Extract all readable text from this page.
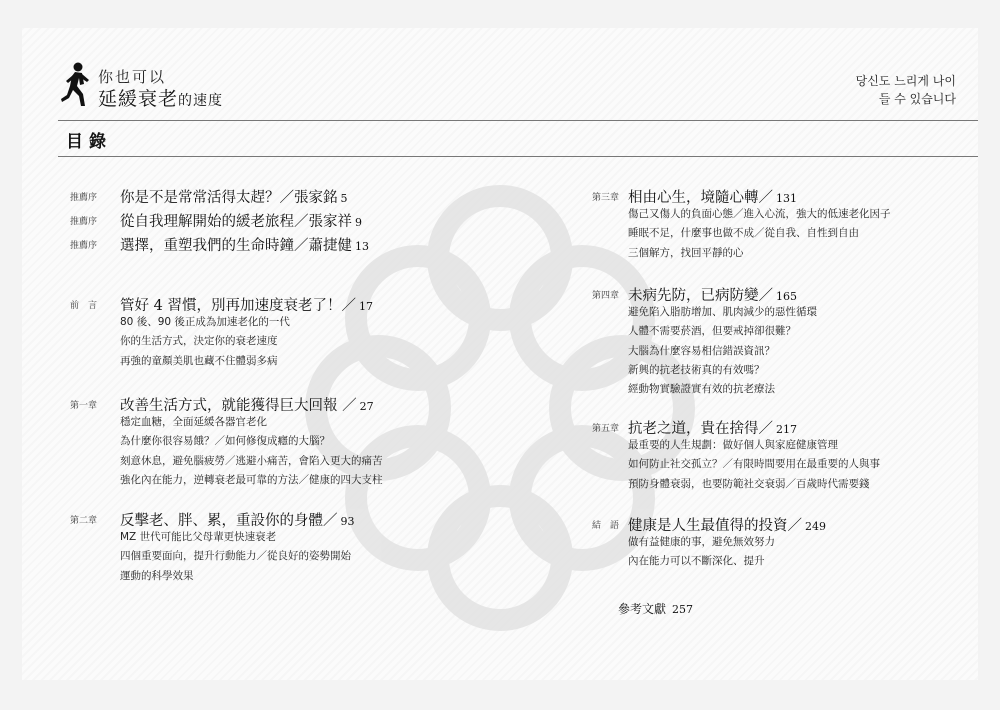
你也可以
延緩衰老的速度
당신도 느리게 나이
들 수 있습니다
目錄
推薦序 你是不是常常活得太趕？／張家銘 5
推薦序 從自我理解開始的緩老旅程／張家祥 9
推薦序 選擇，重塑我們的生命時鐘／蕭捷健 13
前　言 管好 4 習慣，別再加速度衰老了！／ 17
80 後、90 後正成為加速老化的一代
你的生活方式，決定你的衰老速度
再強的童顏美肌也藏不住體弱多病
第一章 改善生活方式，就能獲得巨大回報 ／ 27
穩定血糖，全面延緩各器官老化
為什麼你很容易餓？／如何修復成癮的大腦？
刻意休息，避免腦疲勞／逃避小痛苦，會陷入更大的痛苦
強化內在能力，逆轉衰老最可靠的方法／健康的四大支柱
第二章 反擊老、胖、累，重設你的身體／ 93
MZ 世代可能比父母輩更快速衰老
四個重要面向，提升行動能力／從良好的姿勢開始
運動的科學效果
第三章 相由心生，境隨心轉／ 131
傷己又傷人的負面心態／進入心流，強大的低速老化因子
睡眠不足，什麼事也做不成／從自我、自性到自由
三個解方，找回平靜的心
第四章 未病先防，已病防變／ 165
避免陷入脂肪增加、肌肉減少的惡性循環
人體不需要菸酒，但要戒掉卻很難？
大腦為什麼容易相信錯誤資訊？
新興的抗老技術真的有效嗎？
經動物實驗證實有效的抗老療法
第五章 抗老之道，貴在捨得／ 217
最重要的人生規劃：做好個人與家庭健康管理
如何防止社交孤立？／有限時間要用在最重要的人與事
預防身體衰弱，也要防範社交衰弱／百歲時代需要錢
結　語 健康是人生最值得的投資／ 249
做有益健康的事，避免無效努力
內在能力可以不斷深化、提升
參考文獻 257
